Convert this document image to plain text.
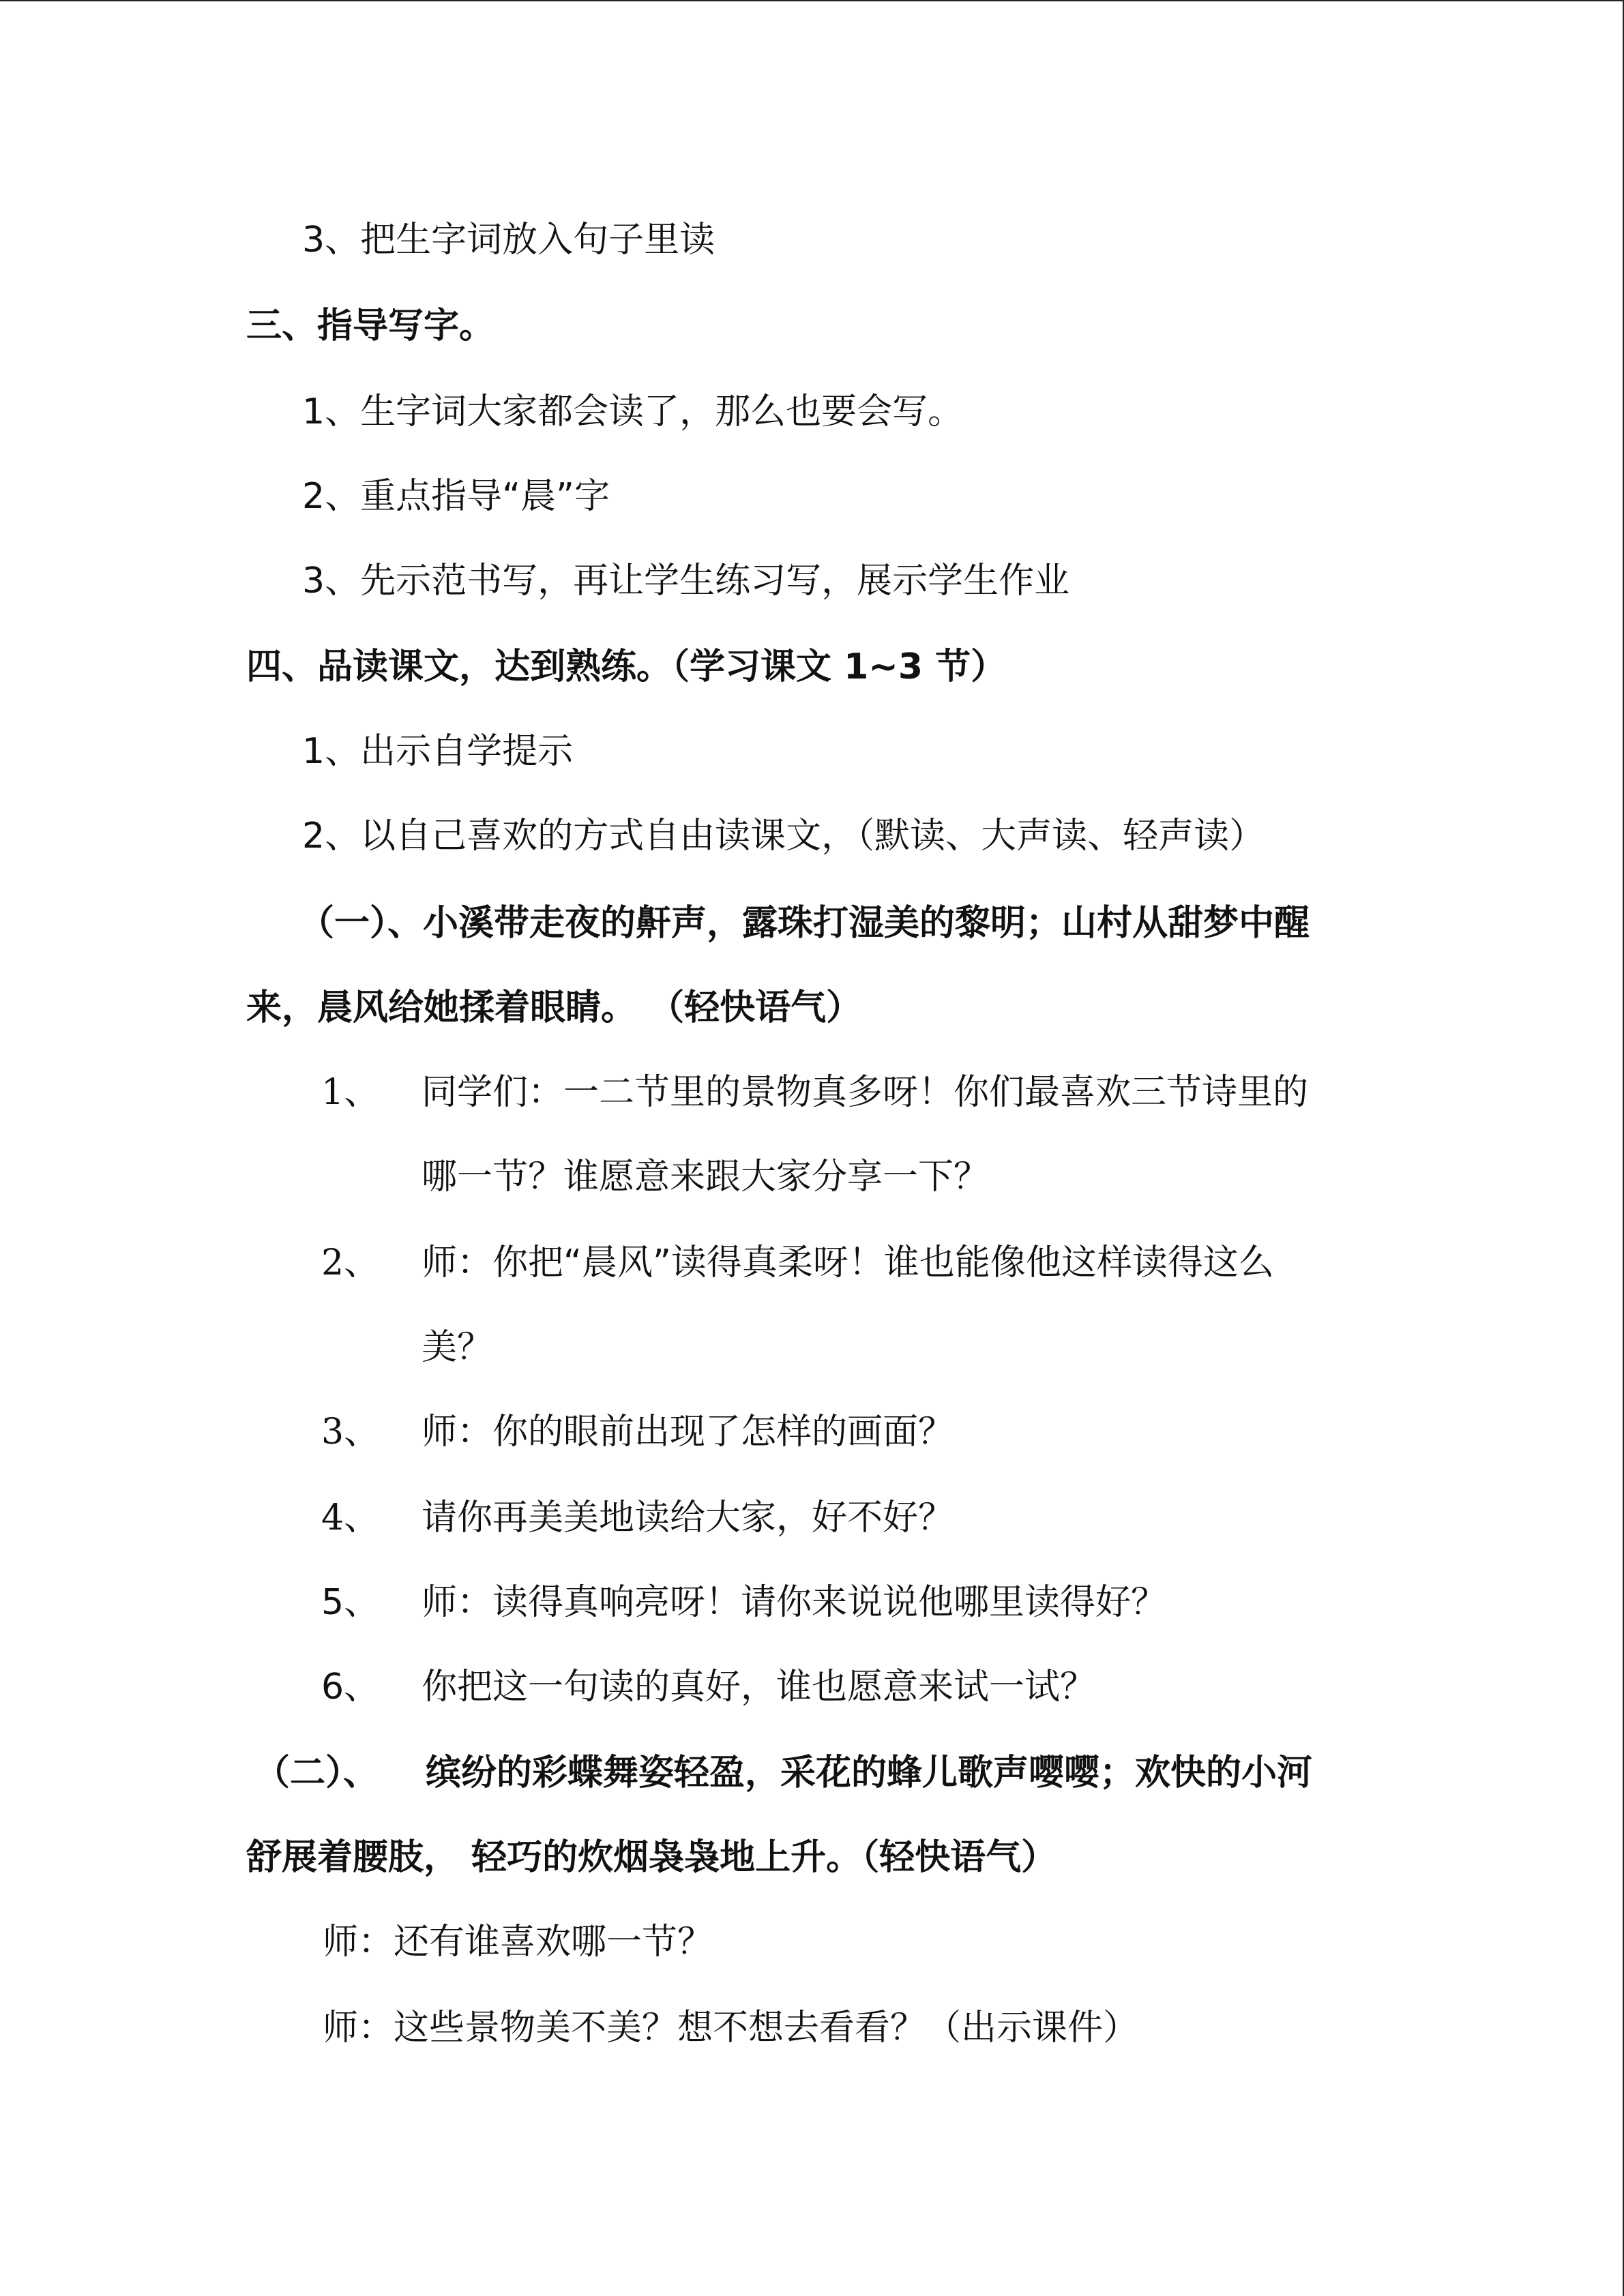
3、把生字词放入句子里读
三、指导写字。
1、生字词大家都会读了，那么也要会写。
2、重点指导“晨”字
3、先示范书写，再让学生练习写，展示学生作业
四、品读课文，达到熟练。（学习课文 1~3 节）
1、出示自学提示
2、以自己喜欢的方式自由读课文，（默读、大声读、轻声读）
（一）、小溪带走夜的鼾声，露珠打湿美的黎明；山村从甜梦中醒
来，晨风给她揉着眼睛。 （轻快语气）
1、 同学们：一二节里的景物真多呀！你们最喜欢三节诗里的
哪一节？谁愿意来跟大家分享一下？
2、 师：你把“晨风”读得真柔呀！谁也能像他这样读得这么
美？
3、 师：你的眼前出现了怎样的画面？
4、 请你再美美地读给大家，好不好？
5、 师：读得真响亮呀！请你来说说他哪里读得好？
6、 你把这一句读的真好，谁也愿意来试一试？
（二）、 缤纷的彩蝶舞姿轻盈，采花的蜂儿歌声嘤嘤；欢快的小河
舒展着腰肢， 轻巧的炊烟袅袅地上升。（轻快语气）
师：还有谁喜欢哪一节？
师：这些景物美不美？想不想去看看？（出示课件）
